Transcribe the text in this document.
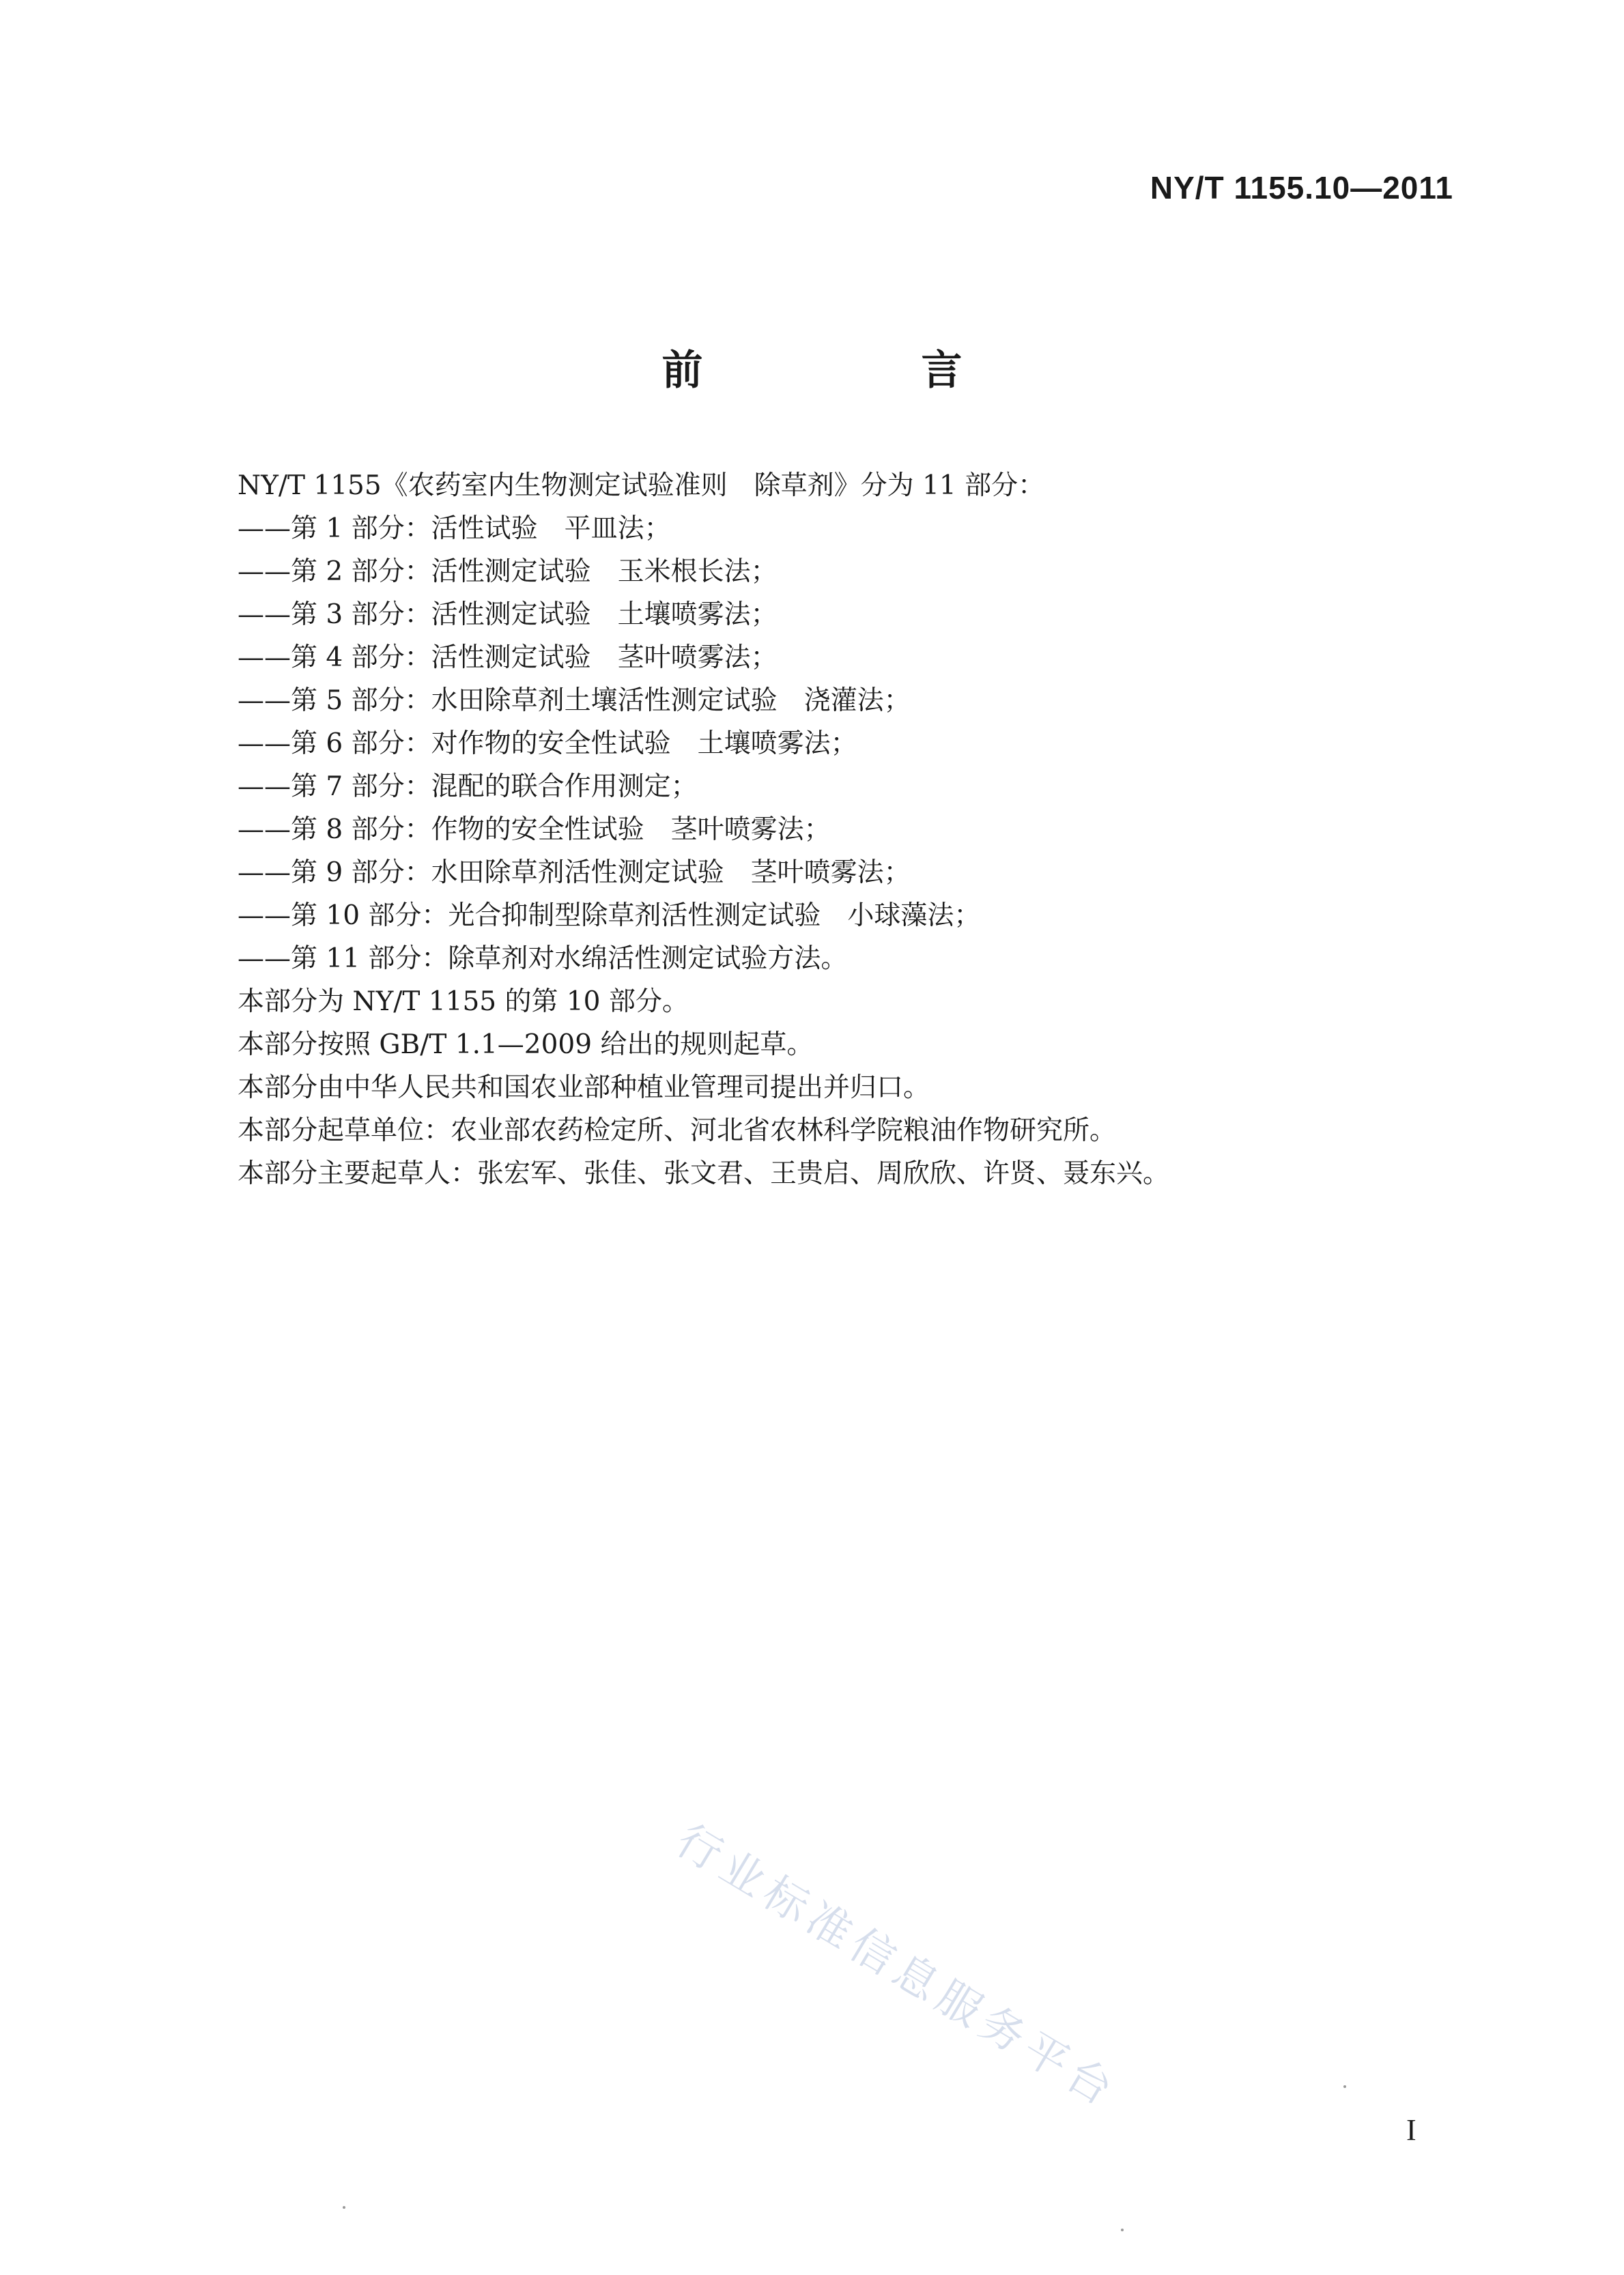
NY/T 1155.10—2011
前　言
NY/T 1155《农药室内生物测定试验准则　除草剂》分为 11 部分：
——第 1 部分：活性试验　平皿法；
——第 2 部分：活性测定试验　玉米根长法；
——第 3 部分：活性测定试验　土壤喷雾法；
——第 4 部分：活性测定试验　茎叶喷雾法；
——第 5 部分：水田除草剂土壤活性测定试验　浇灌法；
——第 6 部分：对作物的安全性试验　土壤喷雾法；
——第 7 部分：混配的联合作用测定；
——第 8 部分：作物的安全性试验　茎叶喷雾法；
——第 9 部分：水田除草剂活性测定试验　茎叶喷雾法；
——第 10 部分：光合抑制型除草剂活性测定试验　小球藻法；
——第 11 部分：除草剂对水绵活性测定试验方法。
本部分为 NY/T 1155 的第 10 部分。
本部分按照 GB/T 1.1—2009 给出的规则起草。
本部分由中华人民共和国农业部种植业管理司提出并归口。
本部分起草单位：农业部农药检定所、河北省农林科学院粮油作物研究所。
本部分主要起草人：张宏军、张佳、张文君、王贵启、周欣欣、许贤、聂东兴。
行业标准信息服务平台
I
